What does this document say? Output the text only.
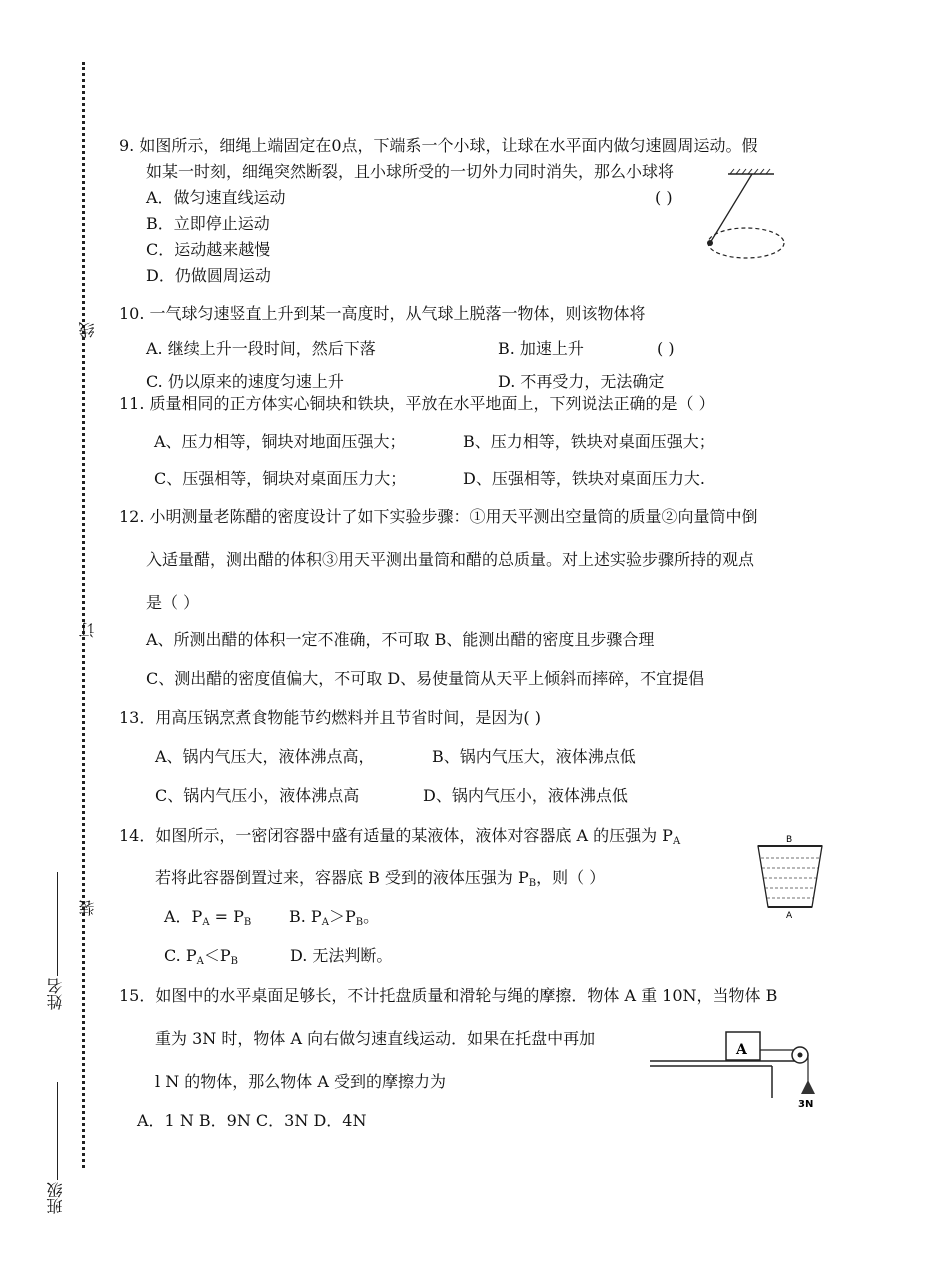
线
订
装
姓名
班级
9. 如图所示，细绳上端固定在0点，下端系一个小球，让球在水平面内做匀速圆周运动。假
如某一时刻，细绳突然断裂，且小球所受的一切外力同时消失，那么小球将
( )
A．做匀速直线运动
B．立即停止运动
C．运动越来越慢
D．仍做圆周运动
10. 一气球匀速竖直上升到某一高度时，从气球上脱落一物体，则该物体将
A. 继续上升一段时间，然后下落	B. 加速上升	( )
C. 仍以原来的速度匀速上升	D. 不再受力，无法确定
11. 质量相同的正方体实心铜块和铁块，平放在水平地面上，下列说法正确的是（ ）
A、压力相等，铜块对地面压强大；	B、压力相等，铁块对桌面压强大；
C、压强相等，铜块对桌面压力大；	D、压强相等，铁块对桌面压力大.
12. 小明测量老陈醋的密度设计了如下实验步骤：①用天平测出空量筒的质量②向量筒中倒
入适量醋，测出醋的体积③用天平测出量筒和醋的总质量。对上述实验步骤所持的观点
是（ ）
A、所测出醋的体积一定不准确，不可取 B、能测出醋的密度且步骤合理
C、测出醋的密度值偏大，不可取 D、易使量筒从天平上倾斜而摔碎，不宜提倡
13．用高压锅烹煮食物能节约燃料并且节省时间，是因为( )
A、锅内气压大，液体沸点高，	B、锅内气压大，液体沸点低
C、锅内气压小，液体沸点高	D、锅内气压小，液体沸点低
14．如图所示，一密闭容器中盛有适量的某液体，液体对容器底 A 的压强为 $P_A$
若将此容器倒置过来，容器底 B 受到的液体压强为 $P_B$，则（ ）
A．$P_A = P_B$ B. $P_A>P_B$。
C. $P_A<P_B$	D. 无法判断。
B
A
15．如图中的水平桌面足够长，不计托盘质量和滑轮与绳的摩擦．物体 A 重 10N，当物体 B
重为 3N 时，物体 A 向右做匀速直线运动．如果在托盘中再加
l N 的物体，那么物体 A 受到的摩擦力为
A．1 N B．9N C．3N D．4N
A
3N
